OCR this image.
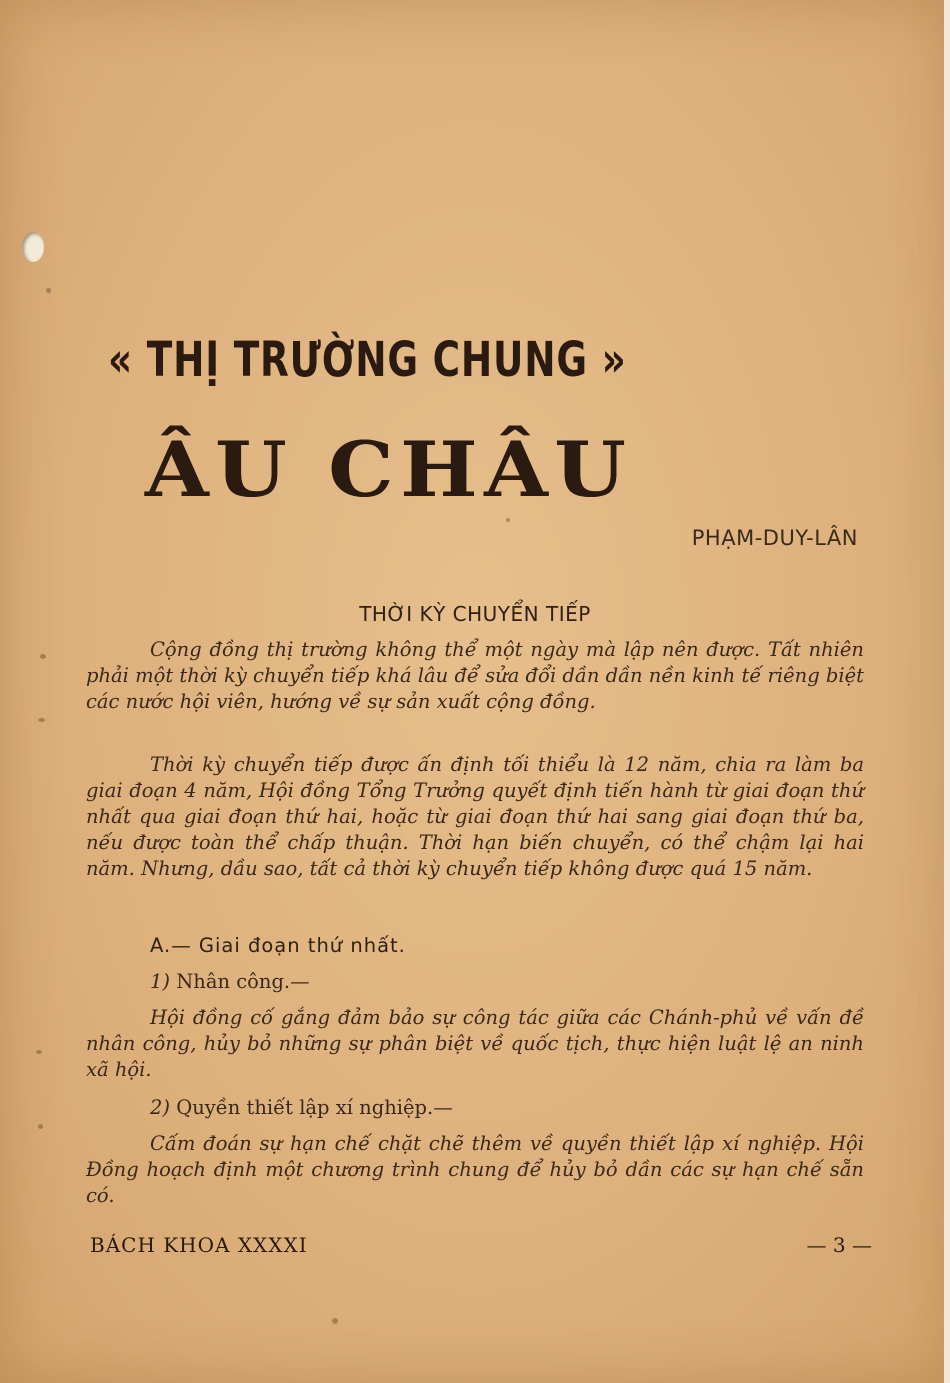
« THỊ TRƯỜNG CHUNG »
ÂU CHÂU
PHẠM-DUY-LÂN
THỜI KỲ CHUYỂN TIẾP

Cộng đồng thị trường không thể một ngày mà lập nên được. Tất nhiên phải một thời kỳ chuyển tiếp khá lâu để sửa đổi dần dần nền kinh tế riêng biệt các nước hội viên, hướng về sự sản xuất cộng đồng.

Thời kỳ chuyển tiếp được ấn định tối thiểu là 12 năm, chia ra làm ba giai đoạn 4 năm, Hội đồng Tổng Trưởng quyết định tiến hành từ giai đoạn thứ nhất qua giai đoạn thứ hai, hoặc từ giai đoạn thứ hai sang giai đoạn thứ ba, nếu được toàn thể chấp thuận. Thời hạn biến chuyển, có thể chậm lại hai năm. Nhưng, dầu sao, tất cả thời kỳ chuyển tiếp không được quá 15 năm.

A.— Giai đoạn thứ nhất.
1) Nhân công.—

Hội đồng cố gắng đảm bảo sự công tác giữa các Chánh-phủ về vấn đề nhân công, hủy bỏ những sự phân biệt về quốc tịch, thực hiện luật lệ an ninh xã hội.

2) Quyền thiết lập xí nghiệp.—

Cấm đoán sự hạn chế chặt chẽ thêm về quyền thiết lập xí nghiệp. Hội Đồng hoạch định một chương trình chung để hủy bỏ dần các sự hạn chế sẵn có.

BÁCH KHOA XXXXI	— 3 —
